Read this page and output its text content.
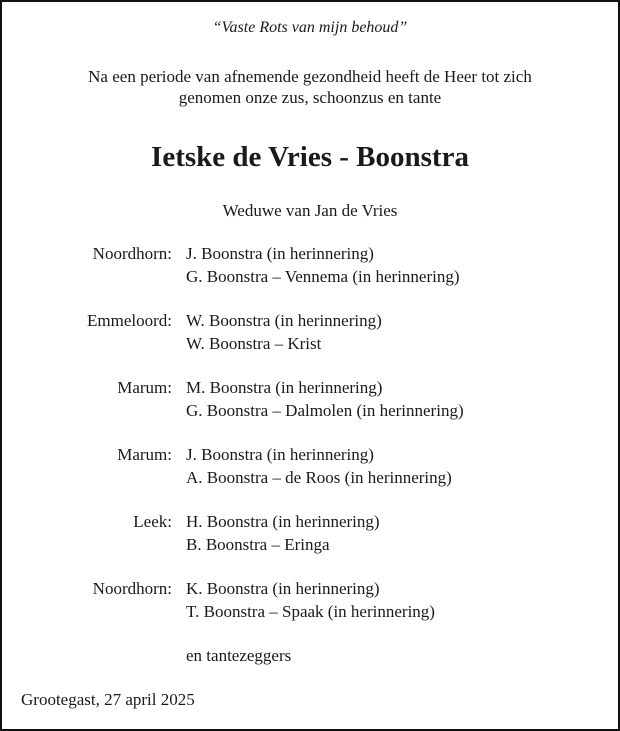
“Vaste Rots van mijn behoud”
Na een periode van afnemende gezondheid heeft de Heer tot zich
genomen onze zus, schoonzus en tante
Ietske de Vries - Boonstra
Weduwe van Jan de Vries
Noordhorn: J. Boonstra (in herinnering)
G. Boonstra – Vennema (in herinnering)
Emmeloord: W. Boonstra (in herinnering)
W. Boonstra – Krist
Marum: M. Boonstra (in herinnering)
G. Boonstra – Dalmolen (in herinnering)
Marum: J. Boonstra (in herinnering)
A. Boonstra – de Roos (in herinnering)
Leek: H. Boonstra (in herinnering)
B. Boonstra – Eringa
Noordhorn: K. Boonstra (in herinnering)
T. Boonstra – Spaak (in herinnering)
en tantezeggers
Grootegast, 27 april 2025
